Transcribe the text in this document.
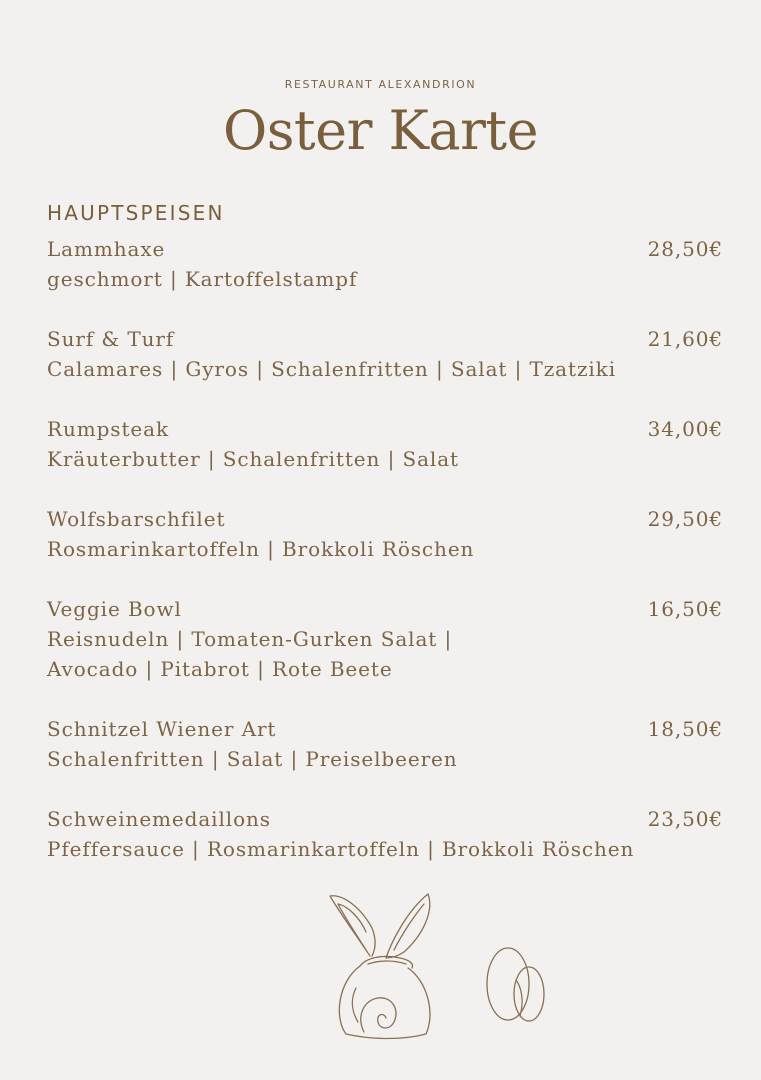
RESTAURANT ALEXANDRION
Oster Karte
HAUPTSPEISEN
Lammhaxe	28,50€
geschmort | Kartoffelstampf
Surf & Turf	21,60€
Calamares | Gyros | Schalenfritten | Salat | Tzatziki
Rumpsteak	34,00€
Kräuterbutter | Schalenfritten | Salat
Wolfsbarschfilet	29,50€
Rosmarinkartoffeln | Brokkoli Röschen
Veggie Bowl	16,50€
Reisnudeln | Tomaten-Gurken Salat |
Avocado | Pitabrot | Rote Beete
Schnitzel Wiener Art	18,50€
Schalenfritten | Salat | Preiselbeeren
Schweinemedaillons	23,50€
Pfeffersauce | Rosmarinkartoffeln | Brokkoli Röschen
